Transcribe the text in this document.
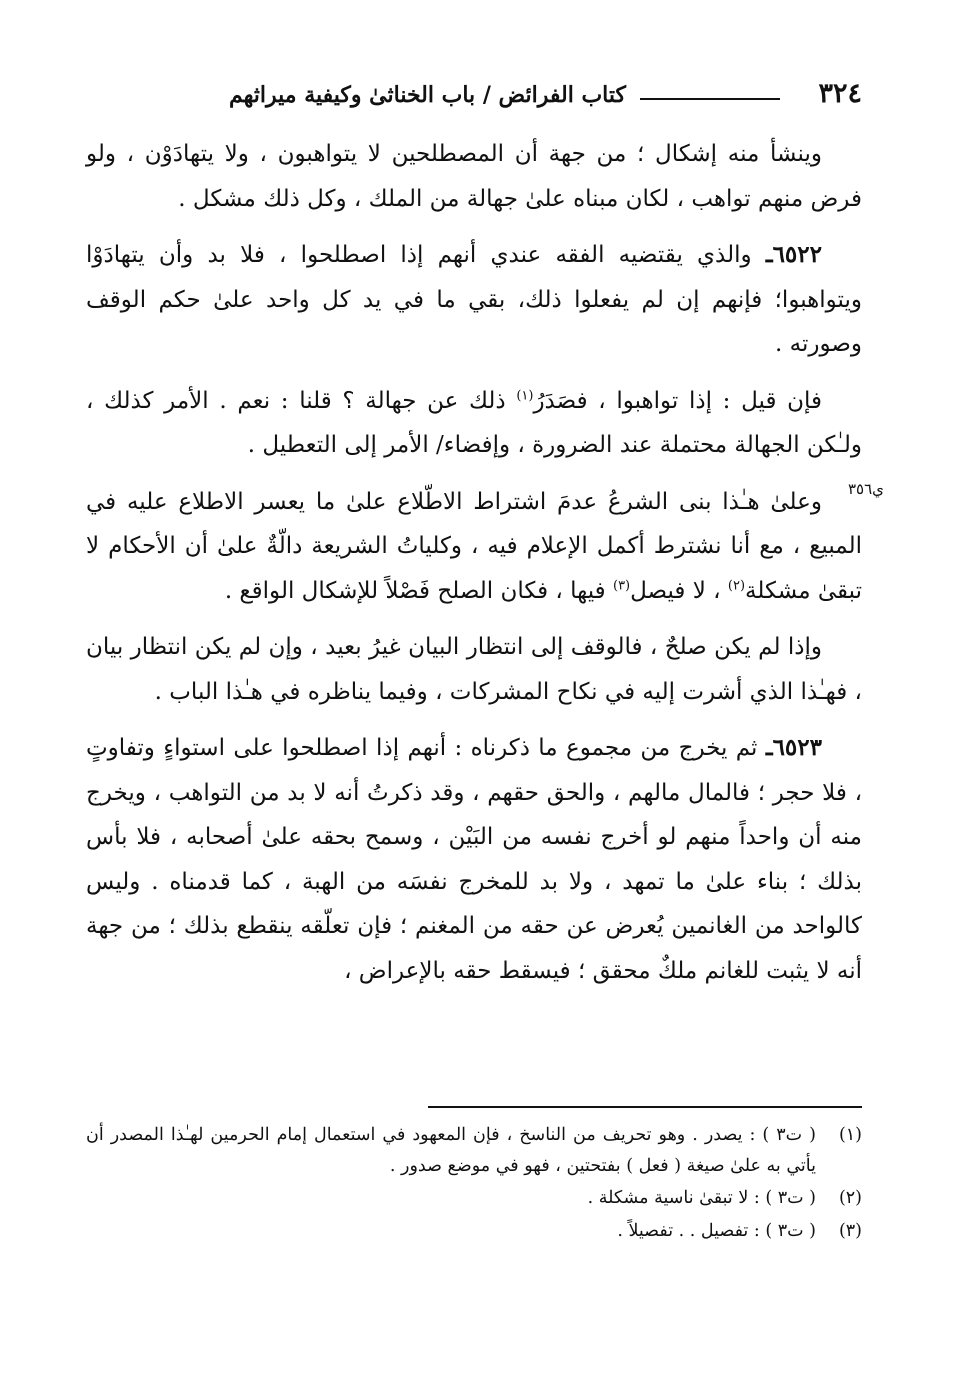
٣٢٤
كتاب الفرائض / باب الخناثىٰ وكيفية ميراثهم

وينشأ منه إشكال ؛ من جهة أن المصطلحين لا يتواهبون ، ولا يتهادَوْن ، ولو فرض منهم تواهب ، لكان مبناه علىٰ جهالة من الملك ، وكل ذلك مشكل .

٦٥٢٢ـ والذي يقتضيه الفقه عندي أنهم إذا اصطلحوا ، فلا بد وأن يتهادَوْا ويتواهبوا؛ فإنهم إن لم يفعلوا ذلك، بقي ما في يد كل واحد علىٰ حكم الوقف وصورته .

فإن قيل : إذا تواهبوا ، فصَدَرُ$^{(١)}$ ذلك عن جهالة ؟ قلنا : نعم . الأمر كذلك ، ولـٰكن الجهالة محتملة عند الضرورة ، وإفضاء/ الأمر إلى التعطيل .

وعلىٰ هـٰذا بنى الشرعُ عدمَ اشتراط الاطّلاع علىٰ ما يعسر الاطلاع عليه في المبيع ، مع أنا نشترط أكمل الإعلام فيه ، وكلياتُ الشريعة دالّةٌ علىٰ أن الأحكام لا تبقىٰ مشكلة$^{(٢)}$ ، لا فيصل$^{(٣)}$ فيها ، فكان الصلح فَصْلاً للإشكال الواقع .

وإذا لم يكن صلحٌ ، فالوقف إلى انتظار البيان غيرُ بعيد ، وإن لم يكن انتظار بيان ، فهـٰذا الذي أشرت إليه في نكاح المشركات ، وفيما يناظره في هـٰذا الباب .

٦٥٢٣ـ ثم يخرج من مجموع ما ذكرناه : أنهم إذا اصطلحوا على استواءٍ وتفاوتٍ ، فلا حجر ؛ فالمال مالهم ، والحق حقهم ، وقد ذكرتُ أنه لا بد من التواهب ، ويخرج منه أن واحداً منهم لو أخرج نفسه من البَيْن ، وسمح بحقه علىٰ أصحابه ، فلا بأس بذلك ؛ بناء علىٰ ما تمهد ، ولا بد للمخرج نفسَه من الهبة ، كما قدمناه . وليس كالواحد من الغانمين يُعرض عن حقه من المغنم ؛ فإن تعلّقه ينقطع بذلك ؛ من جهة أنه لا يثبت للغانم ملكٌ محقق ؛ فيسقط حقه بالإعراض ،

ي٣٥٦
(١)
( ت٣ ) : يصدر . وهو تحريف من الناسخ ، فإن المعهود في استعمال إمام الحرمين لهـٰذا المصدر أن يأتي به علىٰ صيغة ( فعل ) بفتحتين ، فهو في موضع صدور .
(٢)
( ت٣ ) : لا تبقىٰ ناسية مشكلة .
(٣)
( ت٣ ) : تفصيل . . تفصيلاً .
